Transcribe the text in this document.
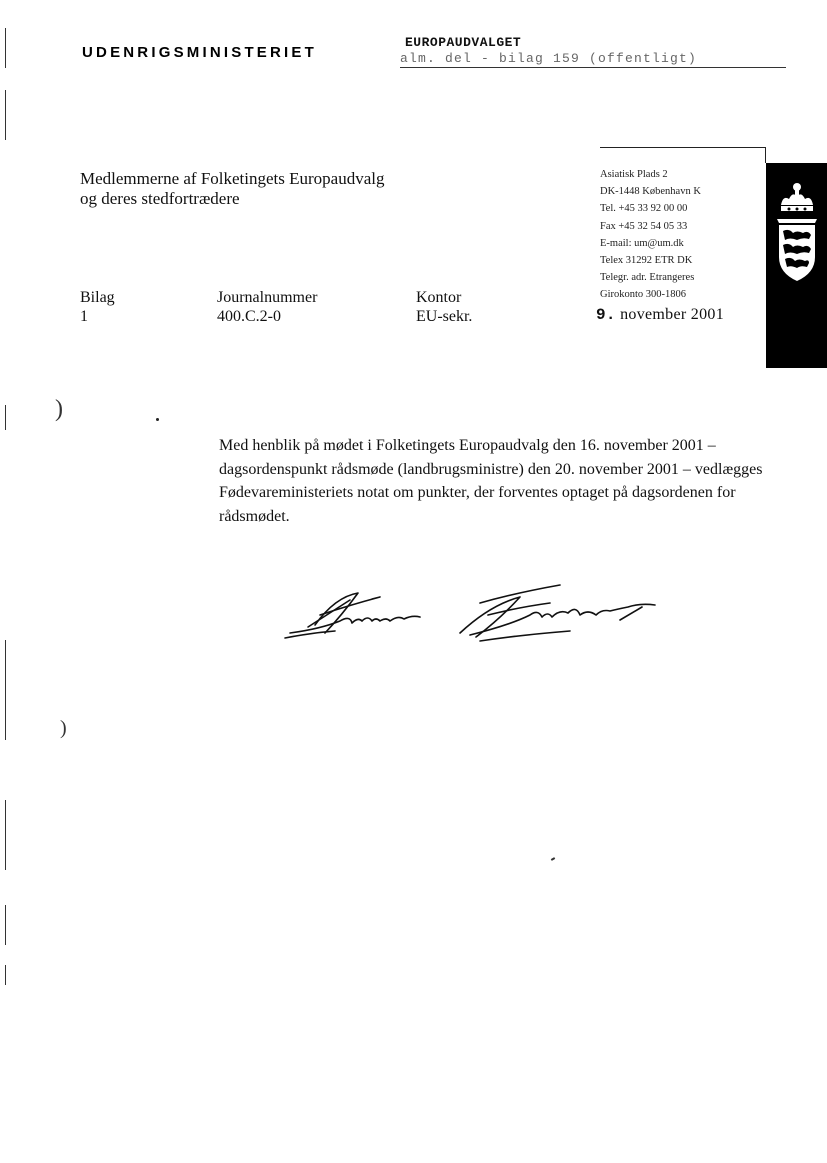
)
)
UDENRIGSMINISTERIET
EUROPAUDVALGET
alm. del - bilag 159 (offentligt)
Medlemmerne af Folketingets Europaudvalg
og deres stedfortrædere
Asiatisk Plads 2
DK-1448 København K
Tel. +45 33 92 00 00
Fax +45 32 54 05 33
E-mail: um@um.dk
Telex 31292 ETR DK
Telegr. adr. Etrangeres
Girokonto 300-1806
Bilag
1
Journalnummer
400.C.2-0
Kontor
EU-sekr.	9. november 2001
Med henblik på mødet i Folketingets Europaudvalg den 16. november 2001 – dagsordenspunkt rådsmøde (landbrugsministre) den 20. november 2001 – vedlægges Fødevareministeriets notat om punkter, der forventes optaget på dagsordenen for rådsmødet.
